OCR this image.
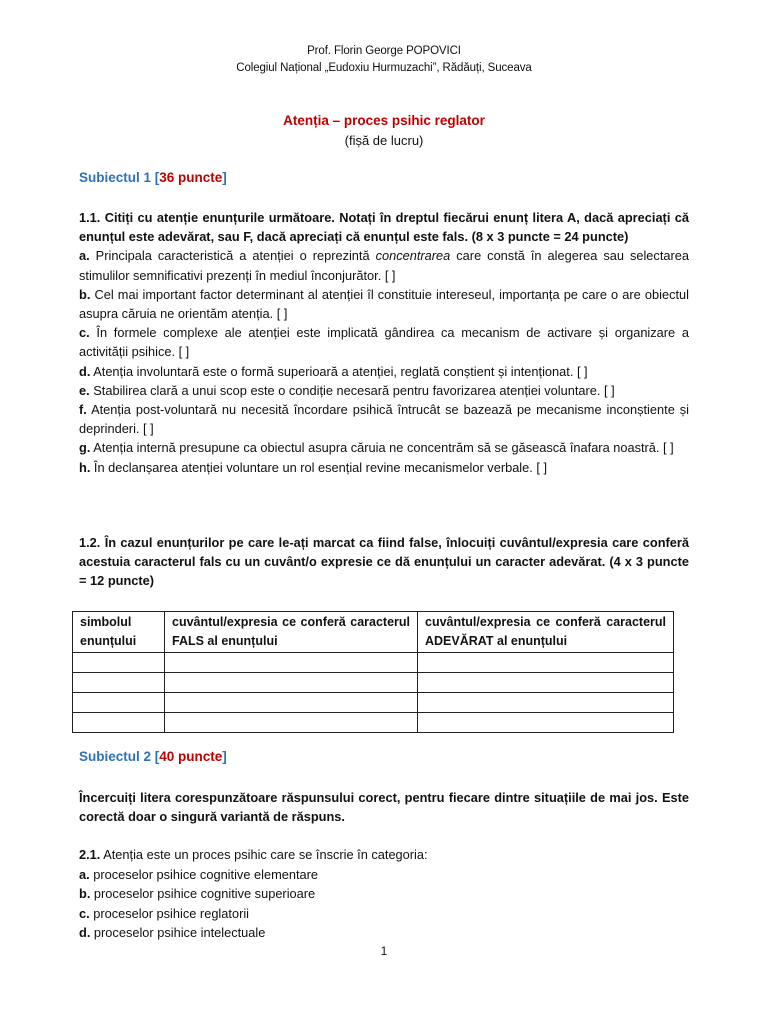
Prof. Florin George POPOVICI
Colegiul Național „Eudoxiu Hurmuzachi”, Rădăuți, Suceava
Atenția – proces psihic reglator
(fișă de lucru)
Subiectul 1 [36 puncte]
1.1. Citiți cu atenție enunțurile următoare. Notați în dreptul fiecărui enunț litera A, dacă apreciați că enunțul este adevărat, sau F, dacă apreciați că enunțul este fals. (8 x 3 puncte = 24 puncte)
a. Principala caracteristică a atenției o reprezintă concentrarea care constă în alegerea sau selectarea stimulilor semnificativi prezenți în mediul înconjurător. [ ]
b. Cel mai important factor determinant al atenției îl constituie intereseul, importanța pe care o are obiectul asupra căruia ne orientăm atenția. [ ]
c. În formele complexe ale atenției este implicată gândirea ca mecanism de activare și organizare a activității psihice. [ ]
d. Atenția involuntară este o formă superioară a atenției, reglată conștient și intenționat. [ ]
e. Stabilirea clară a unui scop este o condiție necesară pentru favorizarea atenției voluntare. [ ]
f. Atenția post-voluntară nu necesită încordare psihică întrucât se bazează pe mecanisme inconștiente și deprinderi. [ ]
g. Atenția internă presupune ca obiectul asupra căruia ne concentrăm să se găsească înafara noastră. [ ]
h. În declanșarea atenției voluntare un rol esențial revine mecanismelor verbale. [ ]
1.2. În cazul enunțurilor pe care le-ați marcat ca fiind false, înlocuiți cuvântul/expresia care conferă acestuia caracterul fals cu un cuvânt/o expresie ce dă enunțului un caracter adevărat. (4 x 3 puncte = 12 puncte)
simbolul enunțului	cuvântul/expresia ce conferă caracterul FALS al enunțului	cuvântul/expresia ce conferă caracterul ADEVĂRAT al enunțului

Subiectul 2 [40 puncte]
Încercuiți litera corespunzătoare răspunsului corect, pentru fiecare dintre situațiile de mai jos. Este corectă doar o singură variantă de răspuns.
2.1. Atenția este un proces psihic care se înscrie în categoria:
a. proceselor psihice cognitive elementare
b. proceselor psihice cognitive superioare
c. proceselor psihice reglatorii
d. proceselor psihice intelectuale
1
